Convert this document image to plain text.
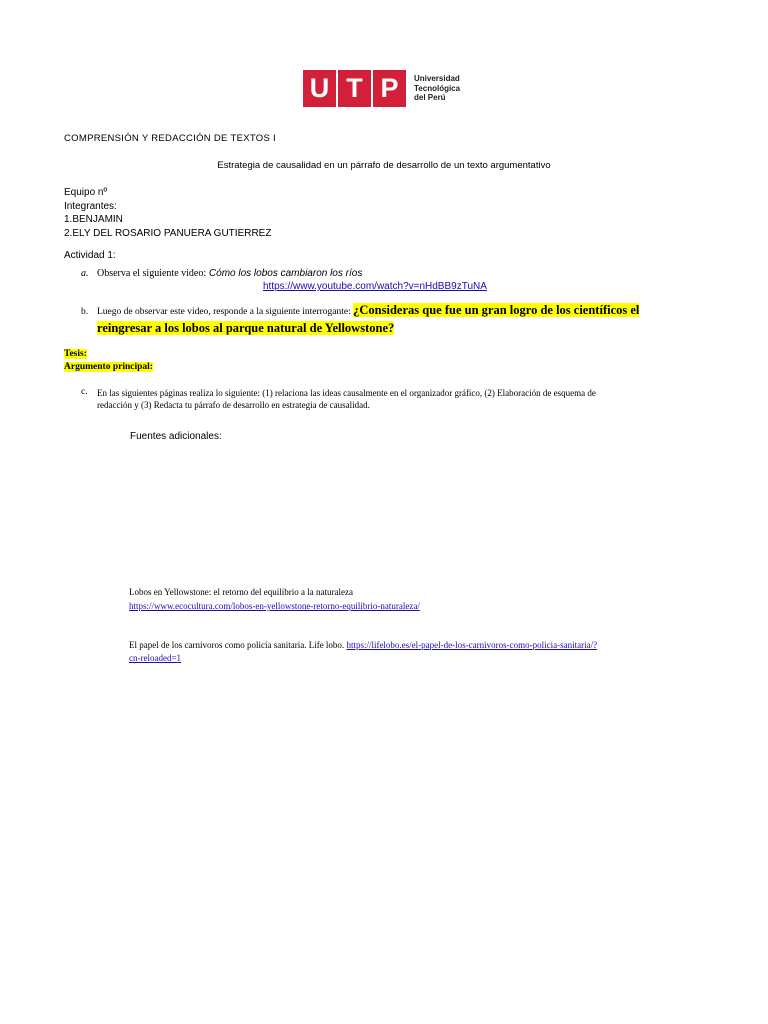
U T P	Universidad
Tecnológica
del Perú
COMPRENSIÓN Y REDACCIÓN DE TEXTOS I
Estrategia de causalidad en un párrafo de desarrollo de un texto argumentativo
Equipo nº
Integrantes:
1.BENJAMIN
2.ELY DEL ROSARIO PANUERA GUTIERREZ
Actividad 1:
a. Observa el siguiente video: Cómo los lobos cambiaron los ríos
https://www.youtube.com/watch?v=nHdBB9zTuNA
b. Luego de observar este video, responde a la siguiente interrogante: ¿Consideras que fue un gran logro de los científicos el
reingresar a los lobos al parque natural de Yellowstone?
Tesis:
Argumento principal:
c. En las siguientes páginas realiza lo siguiente: (1) relaciona las ideas causalmente en el organizador gráfico, (2) Elaboración de esquema de
redacción y (3) Redacta tu párrafo de desarrollo en estrategia de causalidad.
Fuentes adicionales:
Lobos en Yellowstone: el retorno del equilibrio a la naturaleza
https://www.ecocultura.com/lobos-en-yellowstone-retorno-equilibrio-naturaleza/
El papel de los carnívoros como policía sanitaria. Life lobo. https://lifelobo.es/el-papel-de-los-carnivoros-como-policia-sanitaria/?
cn-reloaded=1
